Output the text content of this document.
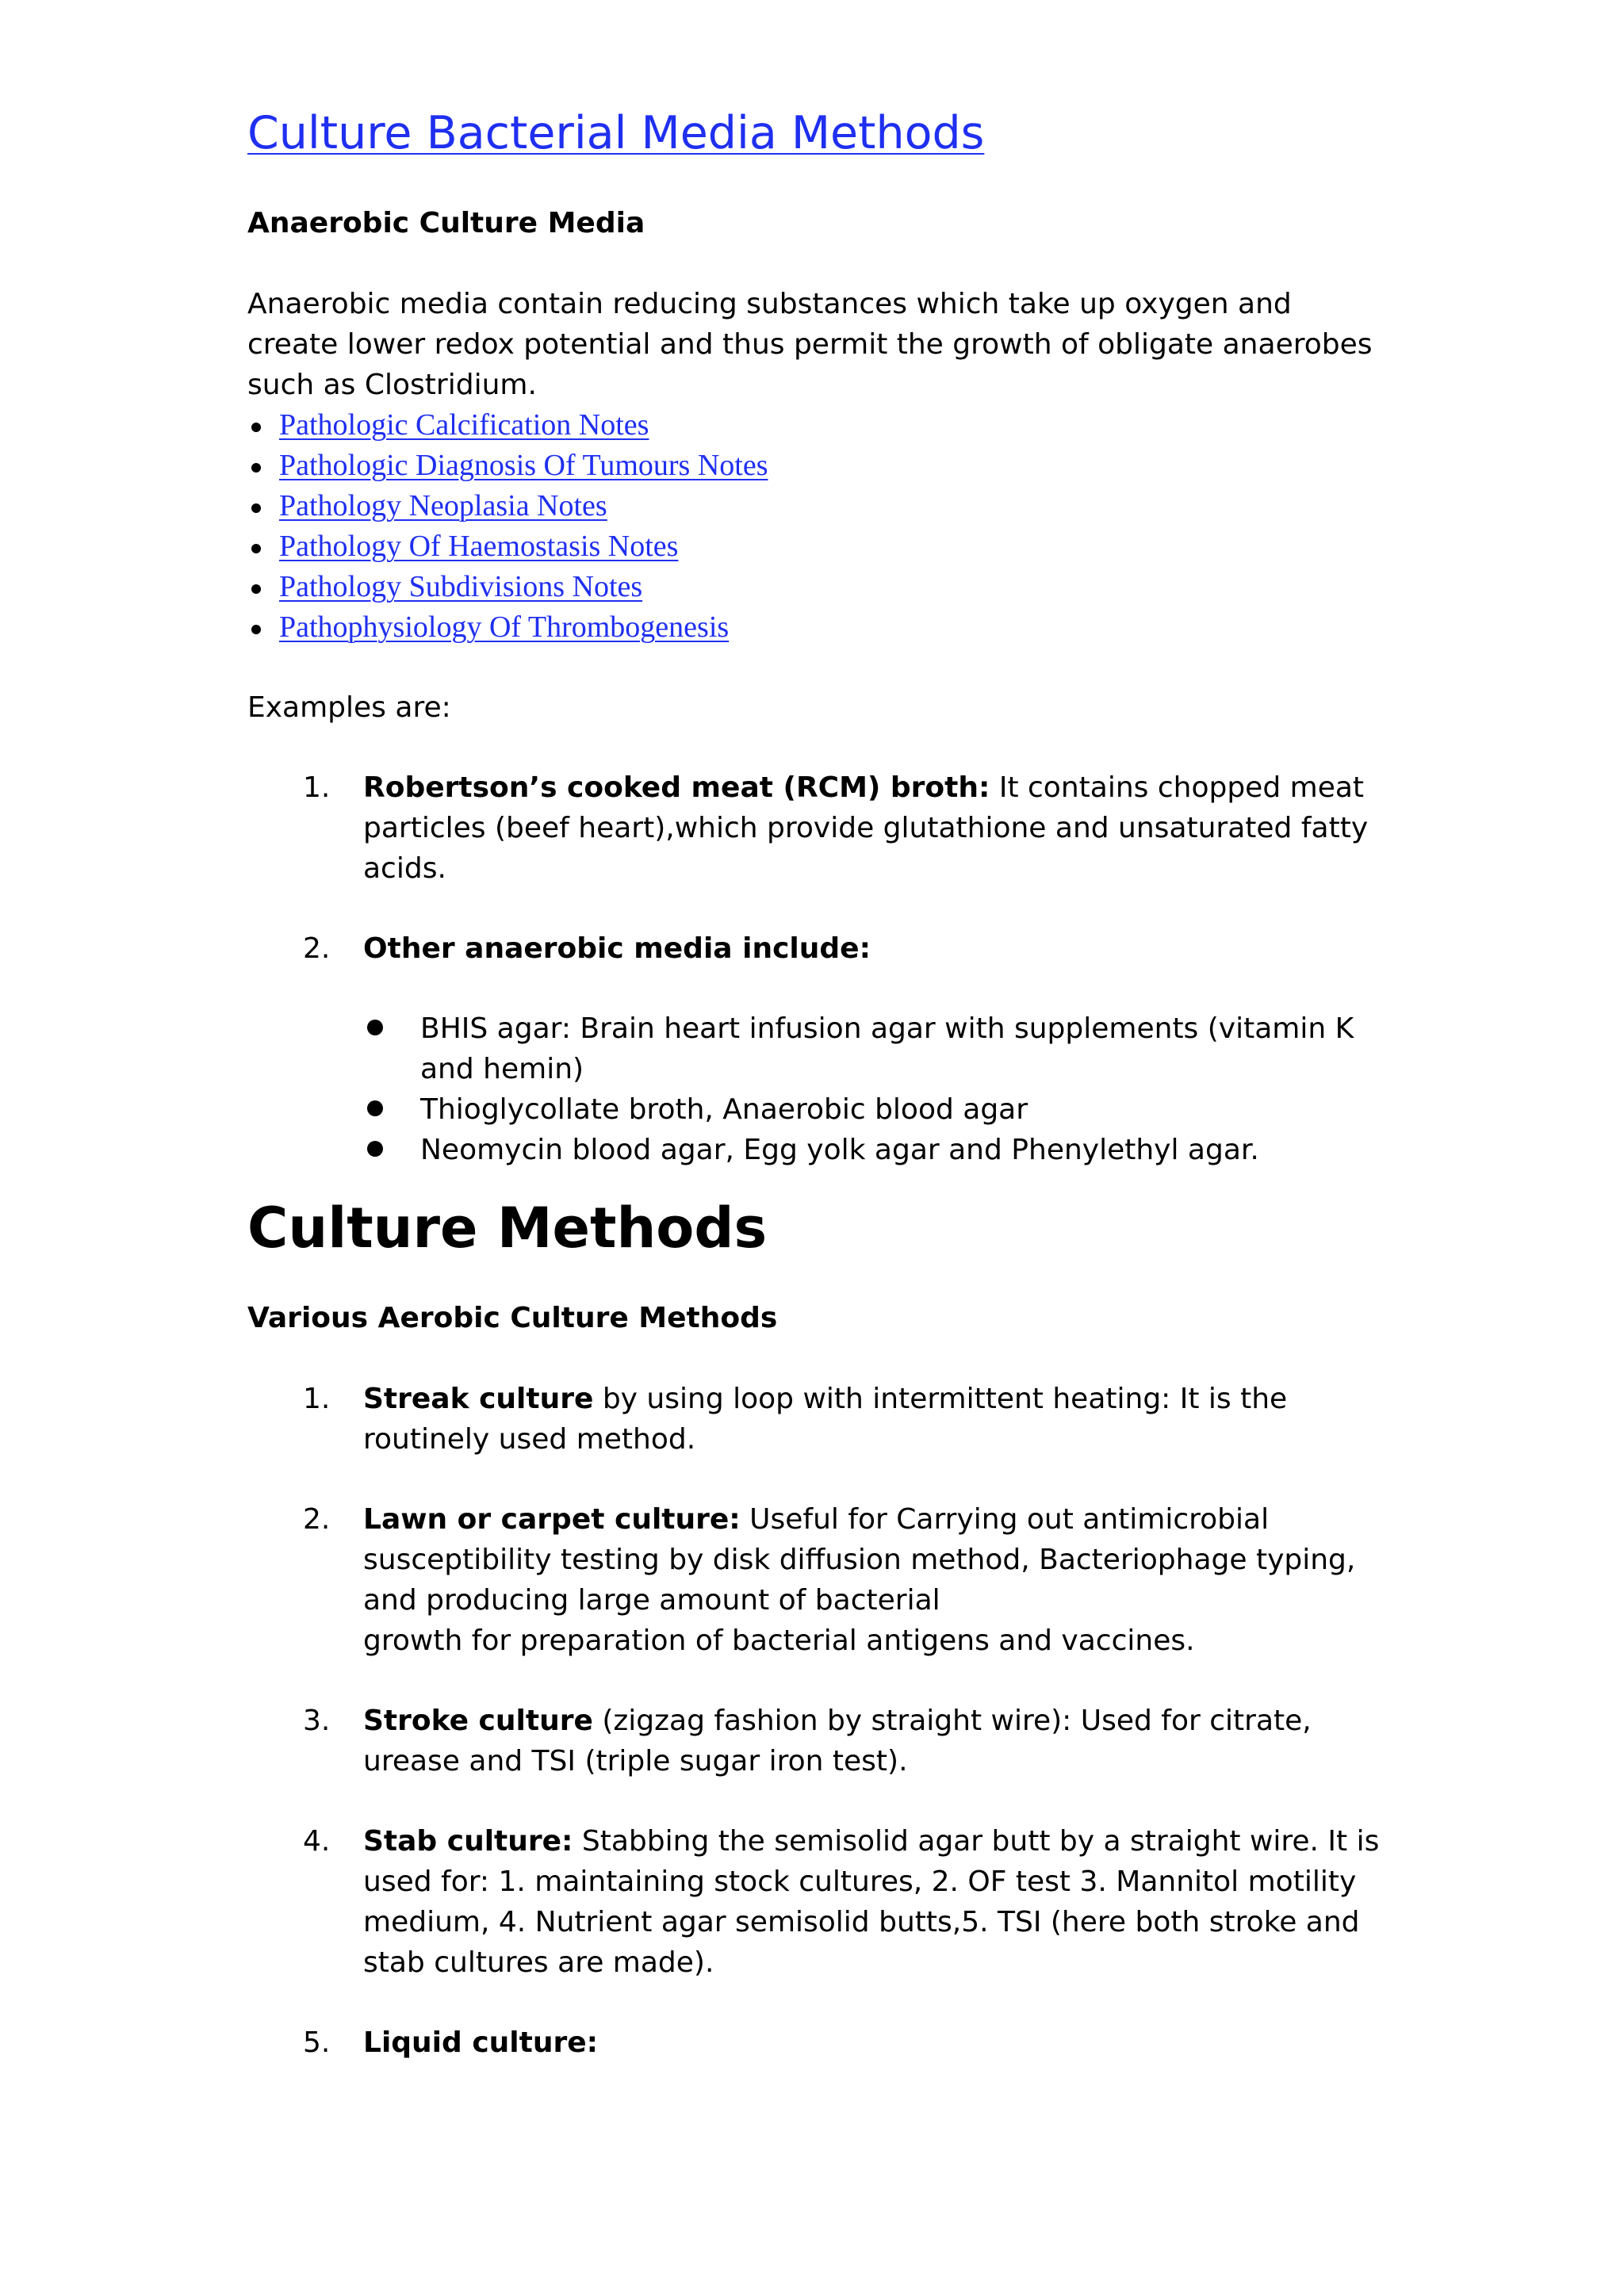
Culture Bacterial Media Methods

Anaerobic Culture Media

Anaerobic media contain reducing substances which take up oxygen and create lower redox potential and thus permit the growth of obligate anaerobes such as Clostridium.

Pathologic Calcification Notes
Pathologic Diagnosis Of Tumours Notes
Pathology Neoplasia Notes
Pathology Of Haemostasis Notes
Pathology Subdivisions Notes
Pathophysiology Of Thrombogenesis

Examples are:

1. Robertson’s cooked meat (RCM) broth: It contains chopped meat particles (beef heart),which provide glutathione and unsaturated fatty acids.
2. Other anaerobic media include:
BHIS agar: Brain heart infusion agar with supplements (vitamin K and hemin)
Thioglycollate broth, Anaerobic blood agar
Neomycin blood agar, Egg yolk agar and Phenylethyl agar.
Culture Methods

Various Aerobic Culture Methods

1. Streak culture by using loop with intermittent heating: It is the routinely used method.
2. Lawn or carpet culture: Useful for Carrying out antimicrobial susceptibility testing by disk diffusion method, Bacteriophage typing, and producing large amount of bacterial
growth for preparation of bacterial antigens and vaccines.
3. Stroke culture (zigzag fashion by straight wire): Used for citrate, urease and TSI (triple sugar iron test).
4. Stab culture: Stabbing the semisolid agar butt by a straight wire. It is used for: 1. maintaining stock cultures, 2. OF test 3. Mannitol motility medium, 4. Nutrient agar semisolid butts,5. TSI (here both stroke and stab cultures are made).
5. Liquid culture:
